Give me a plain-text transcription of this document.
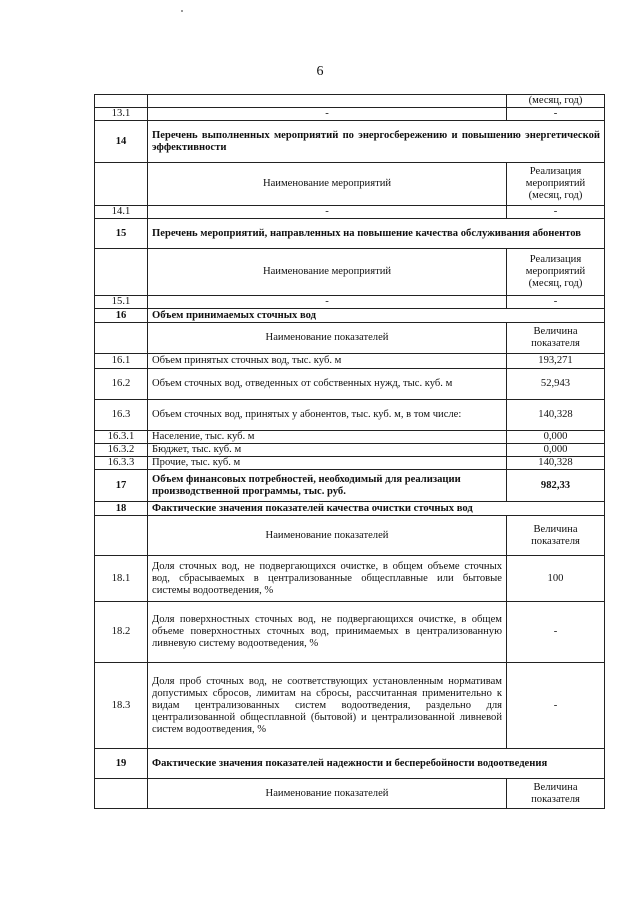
6
		(месяц, год)
13.1	-	-
14	Перечень выполненных мероприятий по энергосбережению и повышению энергетической эффективности	
	Наименование мероприятий	Реализация мероприятий (месяц, год)
14.1	-	-
15	Перечень мероприятий, направленных на повышение качества обслуживания абонентов	
	Наименование мероприятий	Реализация мероприятий (месяц, год)
15.1	-	-
16	Объем принимаемых сточных вод	
	Наименование показателей	Величина показателя
16.1	Объем принятых сточных вод, тыс. куб. м	193,271
16.2	Объем сточных вод, отведенных от собственных нужд, тыс. куб. м	52,943
16.3	Объем сточных вод, принятых у абонентов, тыс. куб. м, в том числе:	140,328
16.3.1	Население, тыс. куб. м	0,000
16.3.2	Бюджет, тыс. куб. м	0,000
16.3.3	Прочие, тыс. куб. м	140,328
17	Объем финансовых потребностей, необходимый для реализации производственной программы, тыс. руб.	982,33
18	Фактические значения показателей качества очистки сточных вод	
	Наименование показателей	Величина показателя
18.1	Доля сточных вод, не подвергающихся очистке, в общем объеме сточных вод, сбрасываемых в централизованные общесплавные или бытовые системы водоотведения, %	100
18.2	Доля поверхностных сточных вод, не подвергающихся очистке, в общем объеме поверхностных сточных вод, принимаемых в централизованную ливневую систему водоотведения, %	-
18.3	Доля проб сточных вод, не соответствующих установленным нормативам допустимых сбросов, лимитам на сбросы, рассчитанная применительно к видам централизованных систем водоотведения, раздельно для централизованной общесплавной (бытовой) и централизованной ливневой систем водоотведения, %	-
19	Фактические значения показателей надежности и бесперебойности водоотведения	
	Наименование показателей	Величина показателя
